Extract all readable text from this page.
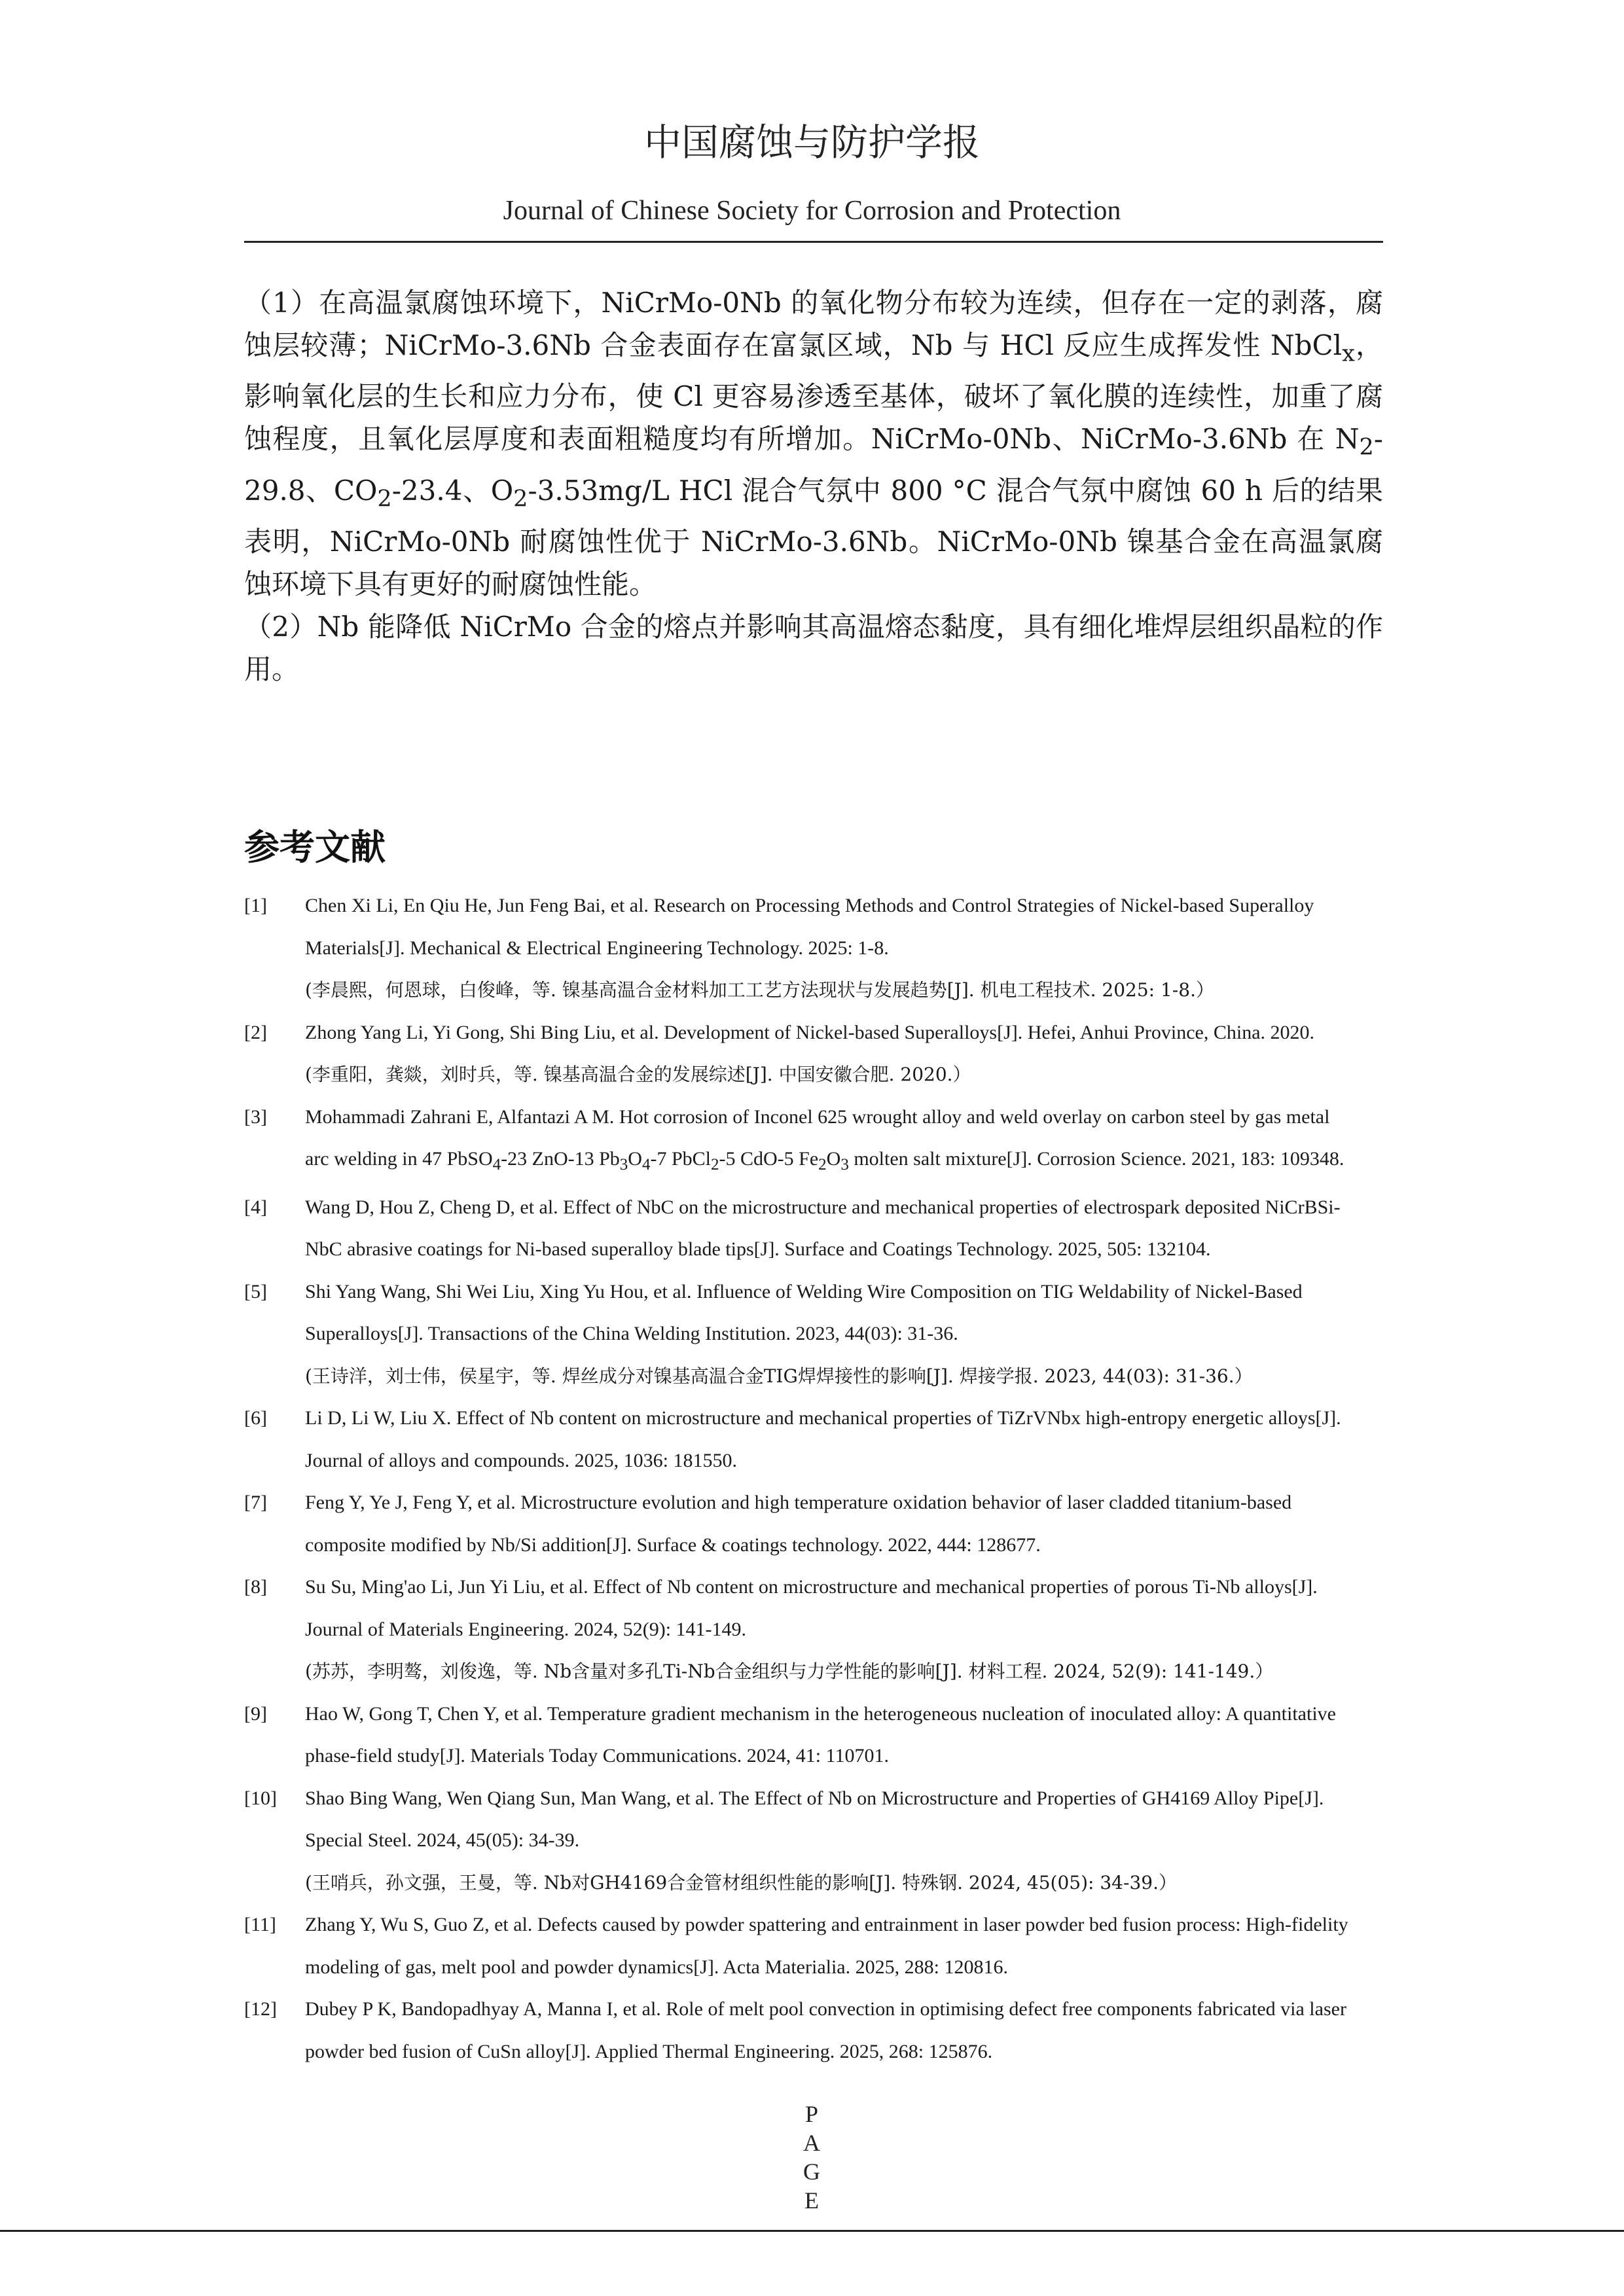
中国腐蚀与防护学报
Journal of Chinese Society for Corrosion and Protection

（1）在高温氯腐蚀环境下，NiCrMo-0Nb 的氧化物分布较为连续，但存在一定的剥落，腐蚀层较薄；NiCrMo-3.6Nb 合金表面存在富氯区域，Nb 与 HCl 反应生成挥发性 NbCl$_x$，影响氧化层的生长和应力分布，使 Cl 更容易渗透至基体，破坏了氧化膜的连续性，加重了腐蚀程度，且氧化层厚度和表面粗糙度均有所增加。NiCrMo-0Nb、NiCrMo-3.6Nb 在 $N_2-29.8$、$CO_2-23.4$、$O_2-3.53mg/L$ HCl 混合气氛中 800 °C 混合气氛中腐蚀 60 h 后的结果表明，NiCrMo-0Nb 耐腐蚀性优于 NiCrMo-3.6Nb。NiCrMo-0Nb 镍基合金在高温氯腐蚀环境下具有更好的耐腐蚀性能。

（2）Nb 能降低 NiCrMo 合金的熔点并影响其高温熔态黏度，具有细化堆焊层组织晶粒的作用。

参考文献
[1] Chen Xi Li, En Qiu He, Jun Feng Bai, et al. Research on Processing Methods and Control Strategies of Nickel-based Superalloy
Materials[J]. Mechanical & Electrical Engineering Technology. 2025: 1-8.
(李晨熙，何恩球，白俊峰，等. 镍基高温合金材料加工工艺方法现状与发展趋势[J]. 机电工程技术. 2025: 1-8.）
[2] Zhong Yang Li, Yi Gong, Shi Bing Liu, et al. Development of Nickel-based Superalloys[J]. Hefei, Anhui Province, China. 2020.
(李重阳，龚燚，刘时兵，等. 镍基高温合金的发展综述[J]. 中国安徽合肥. 2020.）
[3] Mohammadi Zahrani E, Alfantazi A M. Hot corrosion of Inconel 625 wrought alloy and weld overlay on carbon steel by gas metal
arc welding in 47 PbSO$_4$-23 ZnO-13 $Pb_3O_4-7$ PbCl$_2$-5 CdO-5 $Fe_2O_3$ molten salt mixture[J]. Corrosion Science. 2021, 183: 109348.
[4] Wang D, Hou Z, Cheng D, et al. Effect of NbC on the microstructure and mechanical properties of electrospark deposited NiCrBSi-
NbC abrasive coatings for Ni-based superalloy blade tips[J]. Surface and Coatings Technology. 2025, 505: 132104.
[5] Shi Yang Wang, Shi Wei Liu, Xing Yu Hou, et al. Influence of Welding Wire Composition on TIG Weldability of Nickel-Based
Superalloys[J]. Transactions of the China Welding Institution. 2023, 44(03): 31-36.
(王诗洋，刘士伟，侯星宇，等. 焊丝成分对镍基高温合金TIG焊焊接性的影响[J]. 焊接学报. 2023, 44(03): 31-36.）
[6] Li D, Li W, Liu X. Effect of Nb content on microstructure and mechanical properties of TiZrVNbx high-entropy energetic alloys[J].
Journal of alloys and compounds. 2025, 1036: 181550.
[7] Feng Y, Ye J, Feng Y, et al. Microstructure evolution and high temperature oxidation behavior of laser cladded titanium-based
composite modified by Nb/Si addition[J]. Surface & coatings technology. 2022, 444: 128677.
[8] Su Su, Ming'ao Li, Jun Yi Liu, et al. Effect of Nb content on microstructure and mechanical properties of porous Ti-Nb alloys[J].
Journal of Materials Engineering. 2024, 52(9): 141-149.
(苏苏，李明骜，刘俊逸，等. Nb含量对多孔Ti-Nb合金组织与力学性能的影响[J]. 材料工程. 2024, 52(9): 141-149.）
[9] Hao W, Gong T, Chen Y, et al. Temperature gradient mechanism in the heterogeneous nucleation of inoculated alloy: A quantitative
phase-field study[J]. Materials Today Communications. 2024, 41: 110701.
[10] Shao Bing Wang, Wen Qiang Sun, Man Wang, et al. The Effect of Nb on Microstructure and Properties of GH4169 Alloy Pipe[J].
Special Steel. 2024, 45(05): 34-39.
(王哨兵，孙文强，王曼，等. Nb对GH4169合金管材组织性能的影响[J]. 特殊钢. 2024, 45(05): 34-39.）
[11] Zhang Y, Wu S, Guo Z, et al. Defects caused by powder spattering and entrainment in laser powder bed fusion process: High-fidelity
modeling of gas, melt pool and powder dynamics[J]. Acta Materialia. 2025, 288: 120816.
[12] Dubey P K, Bandopadhyay A, Manna I, et al. Role of melt pool convection in optimising defect free components fabricated via laser
powder bed fusion of CuSn alloy[J]. Applied Thermal Engineering. 2025, 268: 125876.
P
A
G
E
